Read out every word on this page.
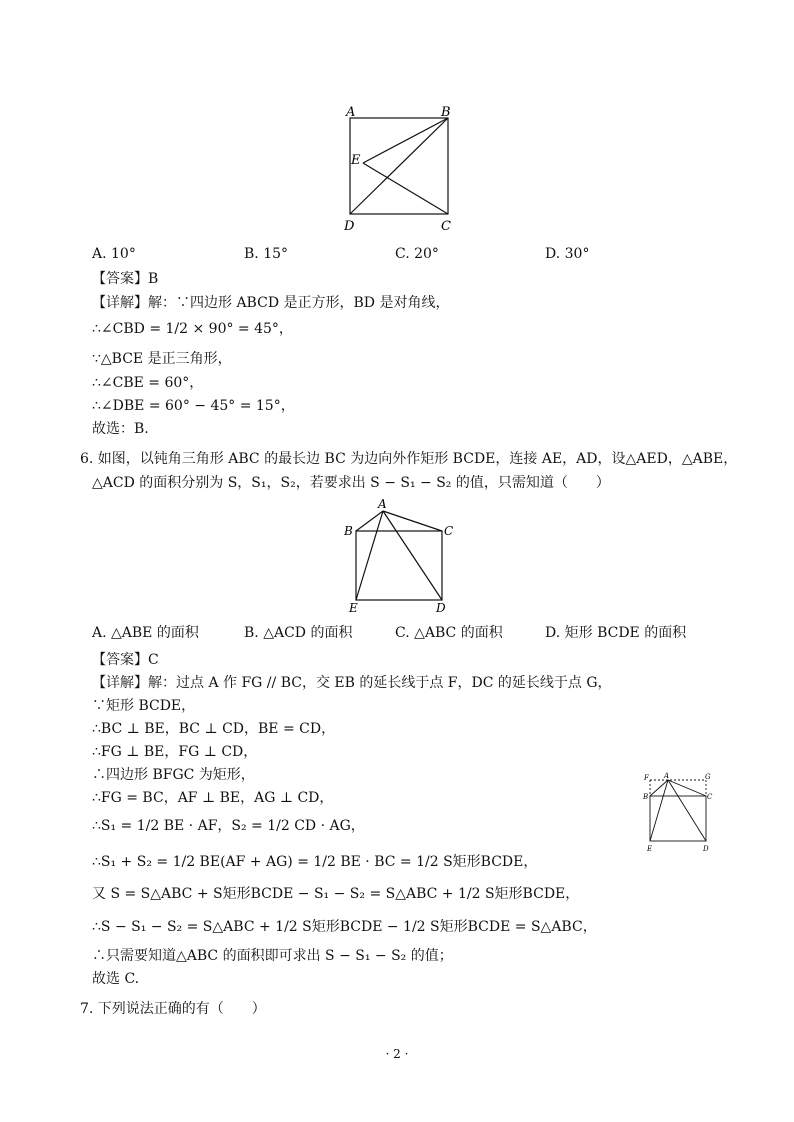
A	B
E
D	C
A. 10°	B. 15°	C. 20°	D. 30°
【答案】B
【详解】解：∵四边形 ABCD 是正方形，BD 是对角线，
∴∠CBD = 1/2 × 90° = 45°，
∵△BCE 是正三角形，
∴∠CBE = 60°，
∴∠DBE = 60° − 45° = 15°，
故选：B.
6. 如图，以钝角三角形 ABC 的最长边 BC 为边向外作矩形 BCDE，连接 AE，AD，设△AED，△ABE，
△ACD 的面积分别为 S，S₁，S₂，若要求出 S − S₁ − S₂ 的值，只需知道（　　）
A
B	C
E	D
A. △ABE 的面积	B. △ACD 的面积	C. △ABC 的面积	D. 矩形 BCDE 的面积
【答案】C
【详解】解：过点 A 作 FG // BC，交 EB 的延长线于点 F，DC 的延长线于点 G，
∵矩形 BCDE，
∴BC ⊥ BE，BC ⊥ CD，BE = CD，
∴FG ⊥ BE，FG ⊥ CD，
∴四边形 BFGC 为矩形，
∴FG = BC，AF ⊥ BE，AG ⊥ CD，
∴S₁ = 1/2 BE · AF，S₂ = 1/2 CD · AG，
∴S₁ + S₂ = 1/2 BE(AF + AG) = 1/2 BE · BC = 1/2 S矩形BCDE，
又 S = S△ABC + S矩形BCDE − S₁ − S₂ = S△ABC + 1/2 S矩形BCDE，
∴S − S₁ − S₂ = S△ABC + 1/2 S矩形BCDE − 1/2 S矩形BCDE = S△ABC，
∴只需要知道△ABC 的面积即可求出 S − S₁ − S₂ 的值；
故选 C.
F A	G
B	C
E	D
7. 下列说法正确的有（　　）
· 2 ·
